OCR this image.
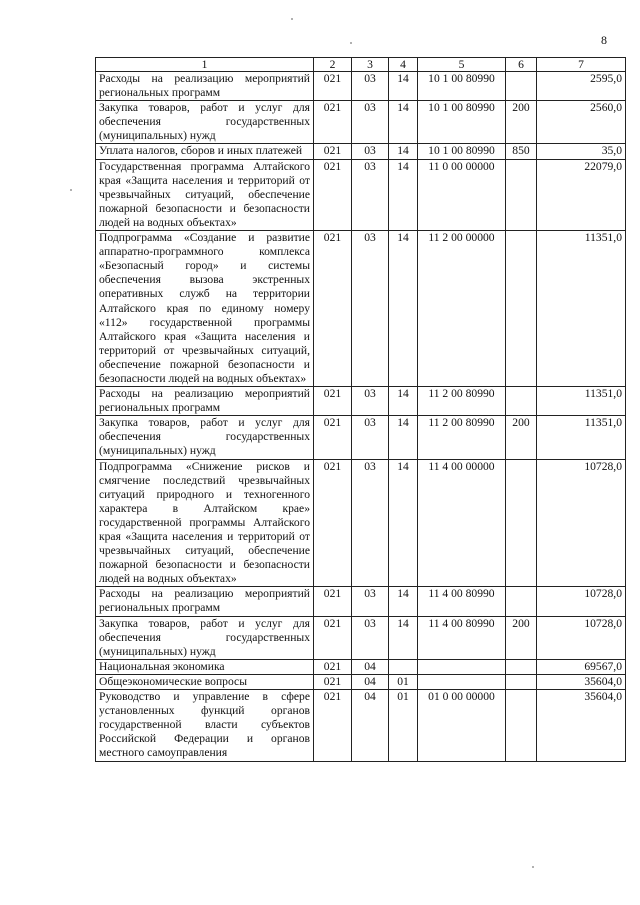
8
1	2	3	4	5	6	7
Расходы на реализацию мероприятий региональных программ	021	03	14	10 1 00 80990		2595,0
Закупка товаров, работ и услуг для обеспечения государственных (муниципальных) нужд	021	03	14	10 1 00 80990	200	2560,0
Уплата налогов, сборов и иных платежей	021	03	14	10 1 00 80990	850	35,0
Государственная программа Алтайского края «Защита населения и территорий от чрезвычайных ситуаций, обеспечение пожарной безопасности и безопасности людей на водных объектах»	021	03	14	11 0 00 00000		22079,0
Подпрограмма «Создание и развитие аппаратно-программного комплекса «Безопасный город» и системы обеспечения вызова экстренных оперативных служб на территории Алтайского края по единому номеру «112» государственной программы Алтайского края «Защита населения и территорий от чрезвычайных ситуаций, обеспечение пожарной безопасности и безопасности людей на водных объектах»	021	03	14	11 2 00 00000		11351,0
Расходы на реализацию мероприятий региональных программ	021	03	14	11 2 00 80990		11351,0
Закупка товаров, работ и услуг для обеспечения государственных (муниципальных) нужд	021	03	14	11 2 00 80990	200	11351,0
Подпрограмма «Снижение рисков и смягчение последствий чрезвычайных ситуаций природного и техногенного характера в Алтайском крае» государственной программы Алтайского края «Защита населения и территорий от чрезвычайных ситуаций, обеспечение пожарной безопасности и безопасности людей на водных объектах»	021	03	14	11 4 00 00000		10728,0
Расходы на реализацию мероприятий региональных программ	021	03	14	11 4 00 80990		10728,0
Закупка товаров, работ и услуг для обеспечения государственных (муниципальных) нужд	021	03	14	11 4 00 80990	200	10728,0
Национальная экономика	021	04				69567,0
Общеэкономические вопросы	021	04	01			35604,0
Руководство и управление в сфере установленных функций органов государственной власти субъектов Российской Федерации и органов местного самоуправления	021	04	01	01 0 00 00000		35604,0
